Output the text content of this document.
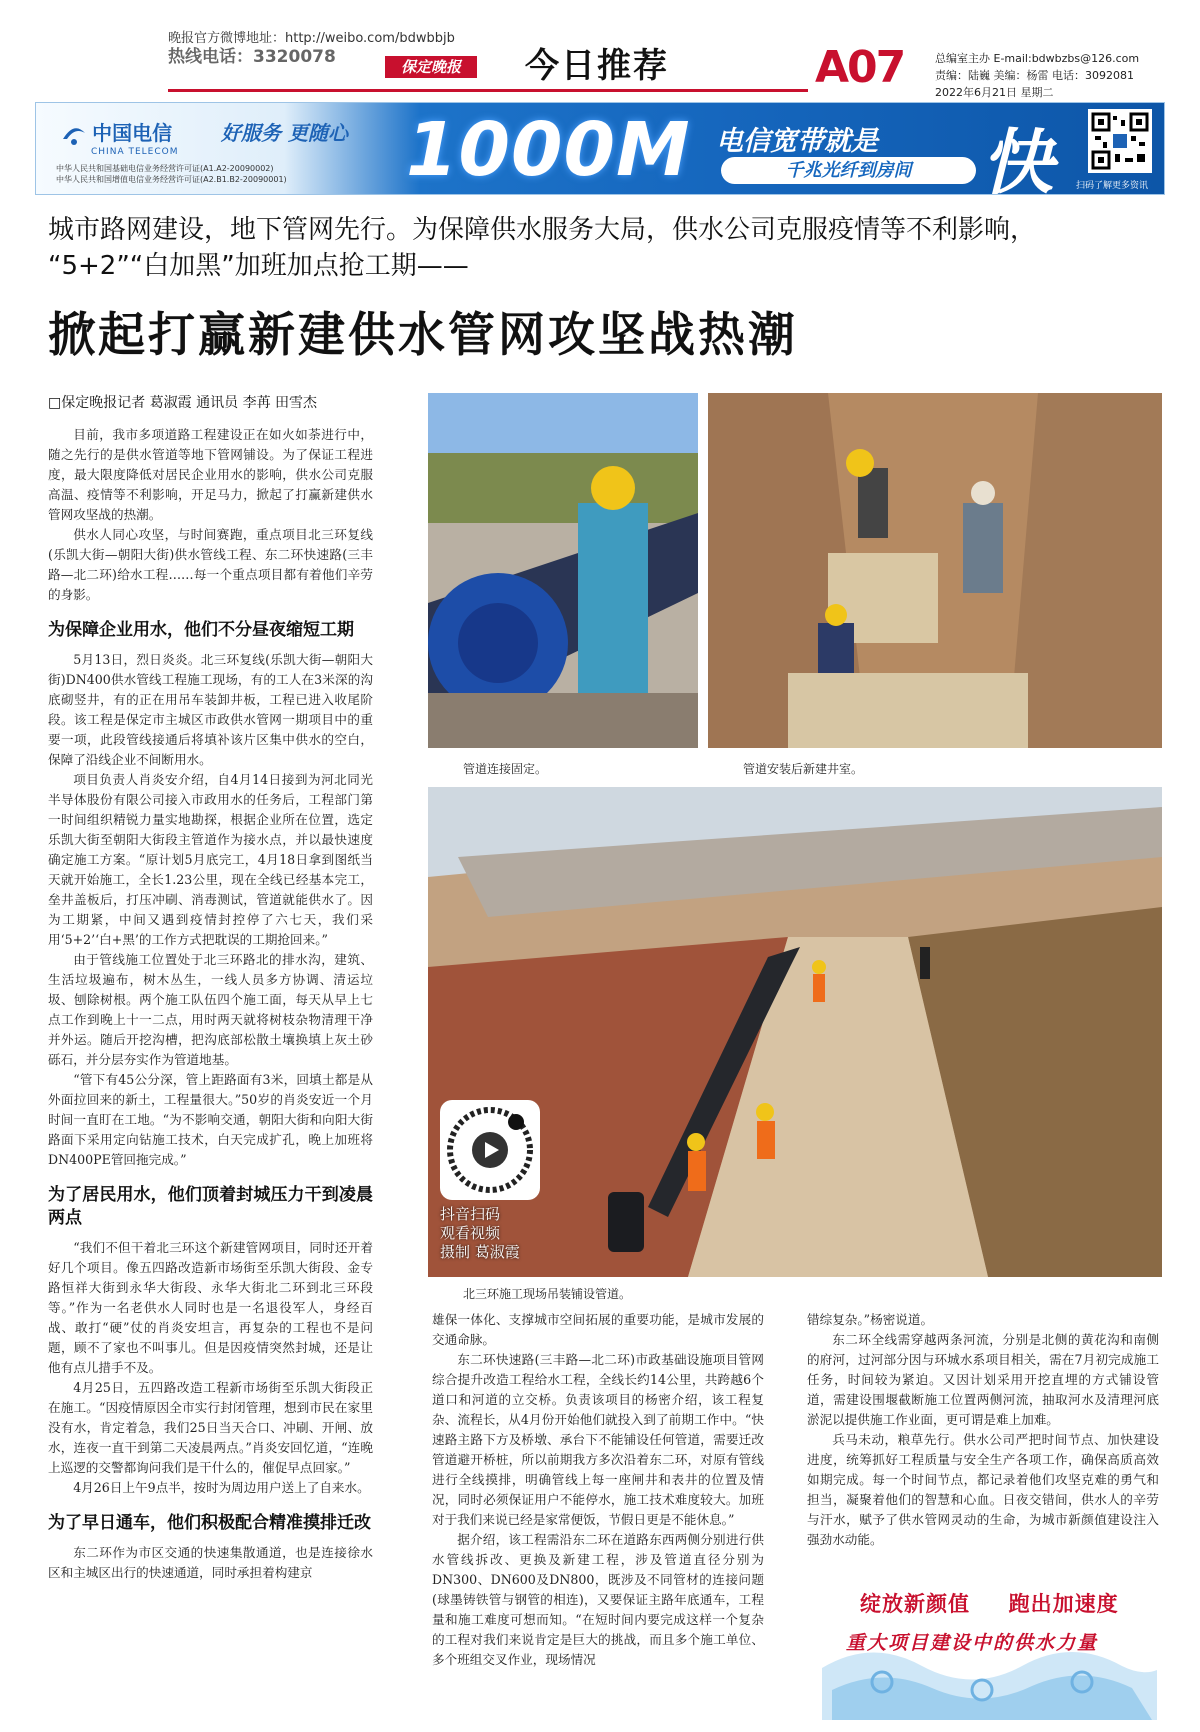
晚报官方微博地址：http://weibo.com/bdwbbjb
热线电话：3320078	保定晚报	今日推荐	A07	总编室主办 E-mail:bdwbzbs@126.com
责编：陆巍 美编：杨雷 电话：3092081
2022年6月21日 星期二
中国电信
CHINA TELECOM
好服务 更随心
中华人民共和国基础电信业务经营许可证(A1.A2-20090002)
中华人民共和国增值电信业务经营许可证(A2.B1.B2-20090001) 1000M 电信宽带就是
千兆光纤到房间 快	扫码了解更多资讯
城市路网建设，地下管网先行。为保障供水服务大局，供水公司克服疫情等不利影响，
“5+2”“白加黑”加班加点抢工期——
掀起打赢新建供水管网攻坚战热潮
□保定晚报记者 葛淑霞 通讯员 李苒 田雪杰

目前，我市多项道路工程建设正在如火如荼进行中，随之先行的是供水管道等地下管网铺设。为了保证工程进度，最大限度降低对居民企业用水的影响，供水公司克服高温、疫情等不利影响，开足马力，掀起了打赢新建供水管网攻坚战的热潮。

供水人同心攻坚，与时间赛跑，重点项目北三环复线(乐凯大街—朝阳大街)供水管线工程、东二环快速路(三丰路—北二环)给水工程……每一个重点项目都有着他们辛劳的身影。

为保障企业用水，他们不分昼夜缩短工期

5月13日，烈日炎炎。北三环复线(乐凯大街—朝阳大街)DN400供水管线工程施工现场，有的工人在3米深的沟底砌竖井，有的正在用吊车装卸井板，工程已进入收尾阶段。该工程是保定市主城区市政供水管网一期项目中的重要一项，此段管线接通后将填补该片区集中供水的空白，保障了沿线企业不间断用水。

项目负责人肖炎安介绍，自4月14日接到为河北同光半导体股份有限公司接入市政用水的任务后，工程部门第一时间组织精锐力量实地勘探，根据企业所在位置，选定乐凯大街至朝阳大街段主管道作为接水点，并以最快速度确定施工方案。“原计划5月底完工，4月18日拿到图纸当天就开始施工，全长1.23公里，现在全线已经基本完工，垒井盖板后，打压冲刷、消毒测试，管道就能供水了。因为工期紧，中间又遇到疫情封控停了六七天，我们采用‘5+2’‘白+黑’的工作方式把耽误的工期抢回来。”

由于管线施工位置处于北三环路北的排水沟，建筑、生活垃圾遍布，树木丛生，一线人员多方协调、清运垃圾、刨除树根。两个施工队伍四个施工面，每天从早上七点工作到晚上十一二点，用时两天就将树枝杂物清理干净并外运。随后开挖沟槽，把沟底部松散土壤换填上灰土砂砾石，并分层夯实作为管道地基。

“管下有45公分深，管上距路面有3米，回填土都是从外面拉回来的新土，工程量很大。”50岁的肖炎安近一个月时间一直盯在工地。“为不影响交通，朝阳大街和向阳大街路面下采用定向钻施工技术，白天完成扩孔，晚上加班将DN400PE管回拖完成。”

为了居民用水，他们顶着封城压力干到凌晨两点

“我们不但干着北三环这个新建管网项目，同时还开着好几个项目。像五四路改造新市场街至乐凯大街段、金专路恒祥大街到永华大街段、永华大街北二环到北三环段等。”作为一名老供水人同时也是一名退役军人，身经百战、敢打“硬”仗的肖炎安坦言，再复杂的工程也不是问题，顾不了家也不叫事儿。但是因疫情突然封城，还是让他有点儿措手不及。

4月25日，五四路改造工程新市场街至乐凯大街段正在施工。“因疫情原因全市实行封闭管理，想到市民在家里没有水，肯定着急，我们25日当天合口、冲刷、开闸、放水，连夜一直干到第二天凌晨两点。”肖炎安回忆道，“连晚上巡逻的交警都询问我们是干什么的，催促早点回家。”

4月26日上午9点半，按时为周边用户送上了自来水。

为了早日通车，他们积极配合精准摸排迁改

东二环作为市区交通的快速集散通道，也是连接徐水区和主城区出行的快速通道，同时承担着构建京

管道连接固定。	管道安装后新建井室。
抖音扫码
观看视频
摄制 葛淑霞
北三环施工现场吊装铺设管道。

雄保一体化、支撑城市空间拓展的重要功能，是城市发展的交通命脉。

东二环快速路(三丰路—北二环)市政基础设施项目管网综合提升改造工程给水工程，全线长约14公里，共跨越6个道口和河道的立交桥。负责该项目的杨密介绍，该工程复杂、流程长，从4月份开始他们就投入到了前期工作中。“快速路主路下方及桥墩、承台下不能铺设任何管道，需要迁改管道避开桥桩，所以前期我方多次沿着东二环，对原有管线进行全线摸排，明确管线上每一座闸井和表井的位置及情况，同时必须保证用户不能停水，施工技术难度较大。加班对于我们来说已经是家常便饭，节假日更是不能休息。”

据介绍，该工程需沿东二环在道路东西两侧分别进行供水管线拆改、更换及新建工程，涉及管道直径分别为DN300、DN600及DN800，既涉及不同管材的连接问题(球墨铸铁管与钢管的相连)，又要保证主路年底通车，工程量和施工难度可想而知。“在短时间内要完成这样一个复杂的工程对我们来说肯定是巨大的挑战，而且多个施工单位、多个班组交叉作业，现场情况

错综复杂。”杨密说道。

东二环全线需穿越两条河流，分别是北侧的黄花沟和南侧的府河，过河部分因与环城水系项目相关，需在7月初完成施工任务，时间较为紧迫。又因计划采用开挖直埋的方式铺设管道，需建设围堰截断施工位置两侧河流，抽取河水及清理河底淤泥以提供施工作业面，更可谓是难上加难。

兵马未动，粮草先行。供水公司严把时间节点、加快建设进度，统筹抓好工程质量与安全生产各项工作，确保高质高效如期完成。每一个时间节点，都记录着他们攻坚克难的勇气和担当，凝聚着他们的智慧和心血。日夜交错间，供水人的辛劳与汗水，赋予了供水管网灵动的生命，为城市新颜值建设注入强劲水动能。

绽放新颜值 跑出加速度
重大项目建设中的供水力量
